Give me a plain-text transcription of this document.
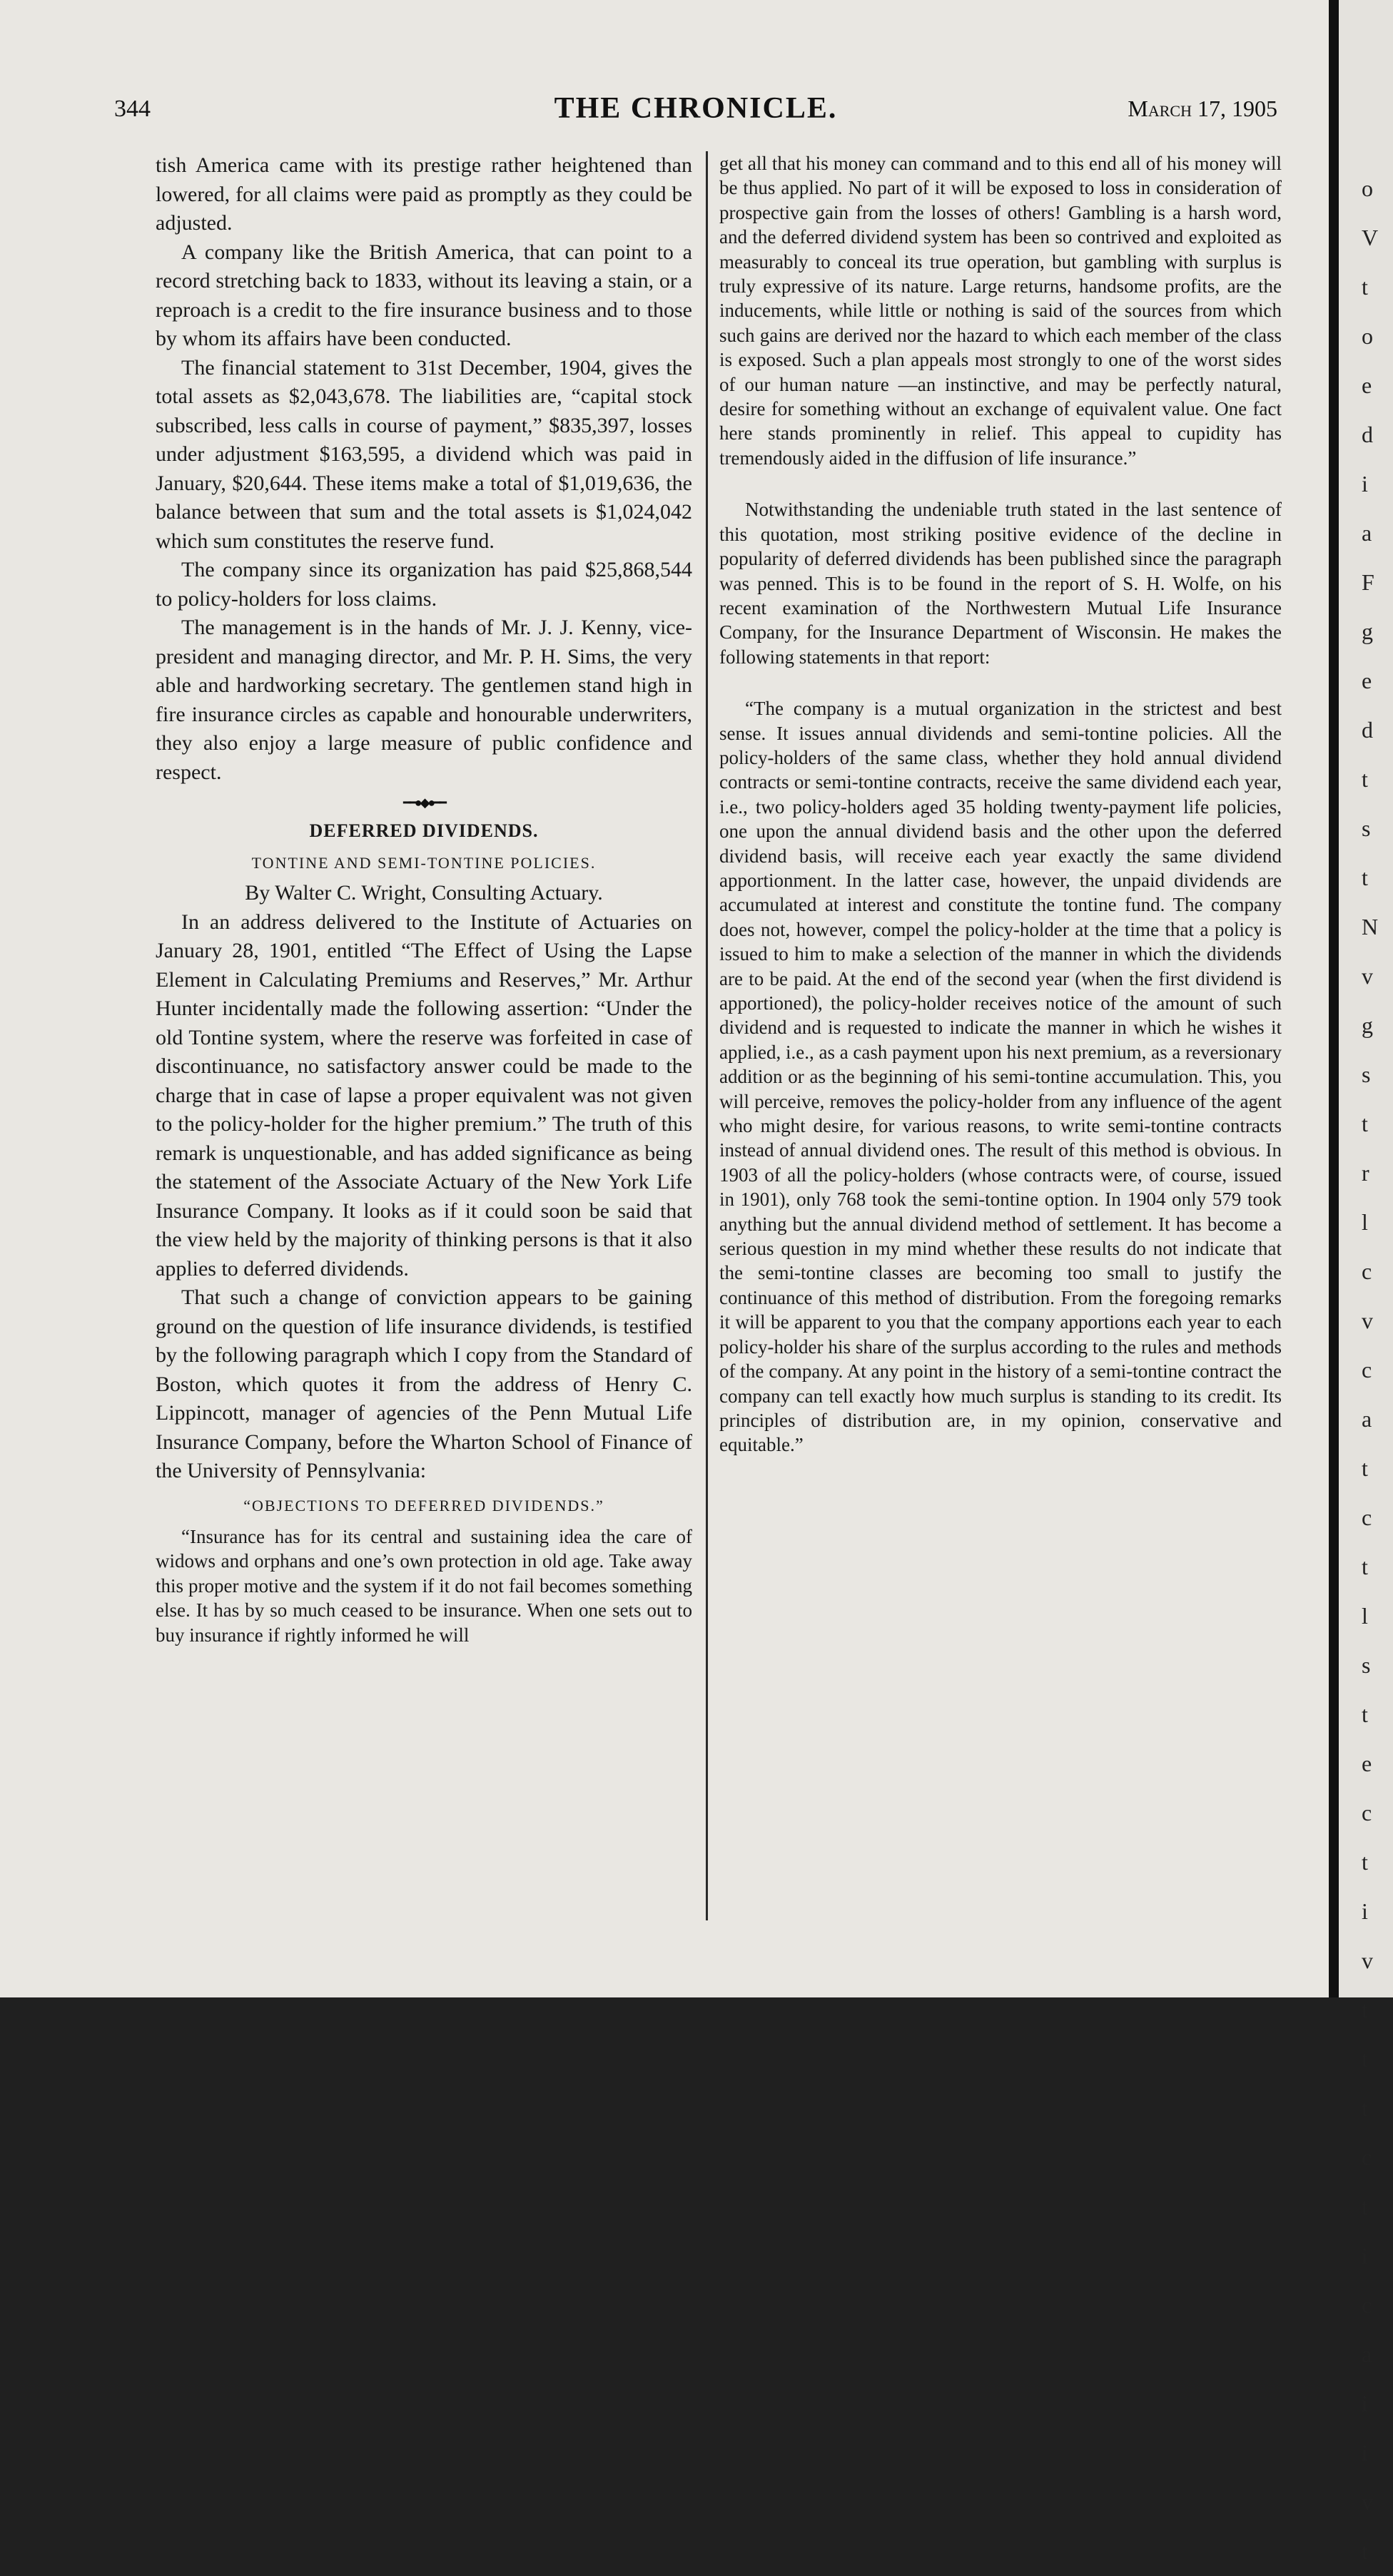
344	THE CHRONICLE.	March 17, 1905

tish America came with its prestige rather heightened than lowered, for all claims were paid as promptly as they could be adjusted.

A company like the British America, that can point to a record stretching back to 1833, without its leaving a stain, or a reproach is a credit to the fire insurance business and to those by whom its affairs have been conducted.

The financial statement to 31st December, 1904, gives the total assets as $2,043,678. The liabilities are, “capital stock subscribed, less calls in course of payment,” $835,397, losses under adjustment $163,595, a dividend which was paid in January, $20,644. These items make a total of $1,019,636, the balance between that sum and the total assets is $1,024,042 which sum constitutes the reserve fund.

The company since its organization has paid $25,868,544 to policy-holders for loss claims.

The management is in the hands of Mr. J. J. Kenny, vice-president and managing director, and Mr. P. H. Sims, the very able and hardworking secretary. The gentlemen stand high in fire insurance circles as capable and honourable underwriters, they also enjoy a large measure of public confidence and respect.

━━●◆●━━

DEFERRED DIVIDENDS.

TONTINE AND SEMI-TONTINE POLICIES.

By Walter C. Wright, Consulting Actuary.

In an address delivered to the Institute of Actuaries on January 28, 1901, entitled “The Effect of Using the Lapse Element in Calculating Premiums and Reserves,” Mr. Arthur Hunter incidentally made the following assertion: “Under the old Tontine system, where the reserve was forfeited in case of discontinuance, no satisfactory answer could be made to the charge that in case of lapse a proper equivalent was not given to the policy-holder for the higher premium.” The truth of this remark is unquestionable, and has added significance as being the statement of the Associate Actuary of the New York Life Insurance Company. It looks as if it could soon be said that the view held by the majority of thinking persons is that it also applies to deferred dividends.

That such a change of conviction appears to be gaining ground on the question of life insurance dividends, is testified by the following paragraph which I copy from the Standard of Boston, which quotes it from the address of Henry C. Lippincott, manager of agencies of the Penn Mutual Life Insurance Company, before the Wharton School of Finance of the University of Pennsylvania:

“OBJECTIONS TO DEFERRED DIVIDENDS.”

“Insurance has for its central and sustaining idea the care of widows and orphans and one’s own protection in old age. Take away this proper motive and the system if it do not fail becomes something else. It has by so much ceased to be insurance. When one sets out to buy insurance if rightly informed he will

get all that his money can command and to this end all of his money will be thus applied. No part of it will be exposed to loss in consideration of prospective gain from the losses of others! Gambling is a harsh word, and the deferred dividend system has been so contrived and exploited as measurably to conceal its true operation, but gambling with surplus is truly expressive of its nature. Large returns, handsome profits, are the inducements, while little or nothing is said of the sources from which such gains are derived nor the hazard to which each member of the class is exposed. Such a plan appeals most strongly to one of the worst sides of our human nature —an instinctive, and may be perfectly natural, desire for something without an exchange of equivalent value. One fact here stands prominently in relief. This appeal to cupidity has tremendously aided in the diffusion of life insurance.”

Notwithstanding the undeniable truth stated in the last sentence of this quotation, most striking positive evidence of the decline in popularity of deferred dividends has been published since the paragraph was penned. This is to be found in the report of S. H. Wolfe, on his recent examination of the Northwestern Mutual Life Insurance Company, for the Insurance Department of Wisconsin. He makes the following statements in that report:

“The company is a mutual organization in the strictest and best sense. It issues annual dividends and semi-tontine policies. All the policy-holders of the same class, whether they hold annual dividend contracts or semi-tontine contracts, receive the same dividend each year, i.e., two policy-holders aged 35 holding twenty-payment life policies, one upon the annual dividend basis and the other upon the deferred dividend basis, will receive each year exactly the same dividend apportionment. In the latter case, however, the unpaid dividends are accumulated at interest and constitute the tontine fund. The company does not, however, compel the policy-holder at the time that a policy is issued to him to make a selection of the manner in which the dividends are to be paid. At the end of the second year (when the first dividend is apportioned), the policy-holder receives notice of the amount of such dividend and is requested to indicate the manner in which he wishes it applied, i.e., as a cash payment upon his next premium, as a reversionary addition or as the beginning of his semi-tontine accumulation. This, you will perceive, removes the policy-holder from any influence of the agent who might desire, for various reasons, to write semi-tontine contracts instead of annual dividend ones. The result of this method is obvious. In 1903 of all the policy-holders (whose contracts were, of course, issued in 1901), only 768 took the semi-tontine option. In 1904 only 579 took anything but the annual dividend method of settlement. It has become a serious question in my mind whether these results do not indicate that the semi-tontine classes are becoming too small to justify the continuance of this method of distribution. From the foregoing remarks it will be apparent to you that the company apportions each year to each policy-holder his share of the surplus according to the rules and methods of the company. At any point in the history of a semi-tontine contract the company can tell exactly how much surplus is standing to its credit. Its principles of distribution are, in my opinion, conservative and equitable.”

o
V
t
o
e
d
i
a
F
g
e
d
t
s
t
N
v
g
s
t
r
l
c
v
c
a
t
c
t
l
s
t
e
c
t
i
v
t
t
t
c
t
i
c
a
i
i
v
t
